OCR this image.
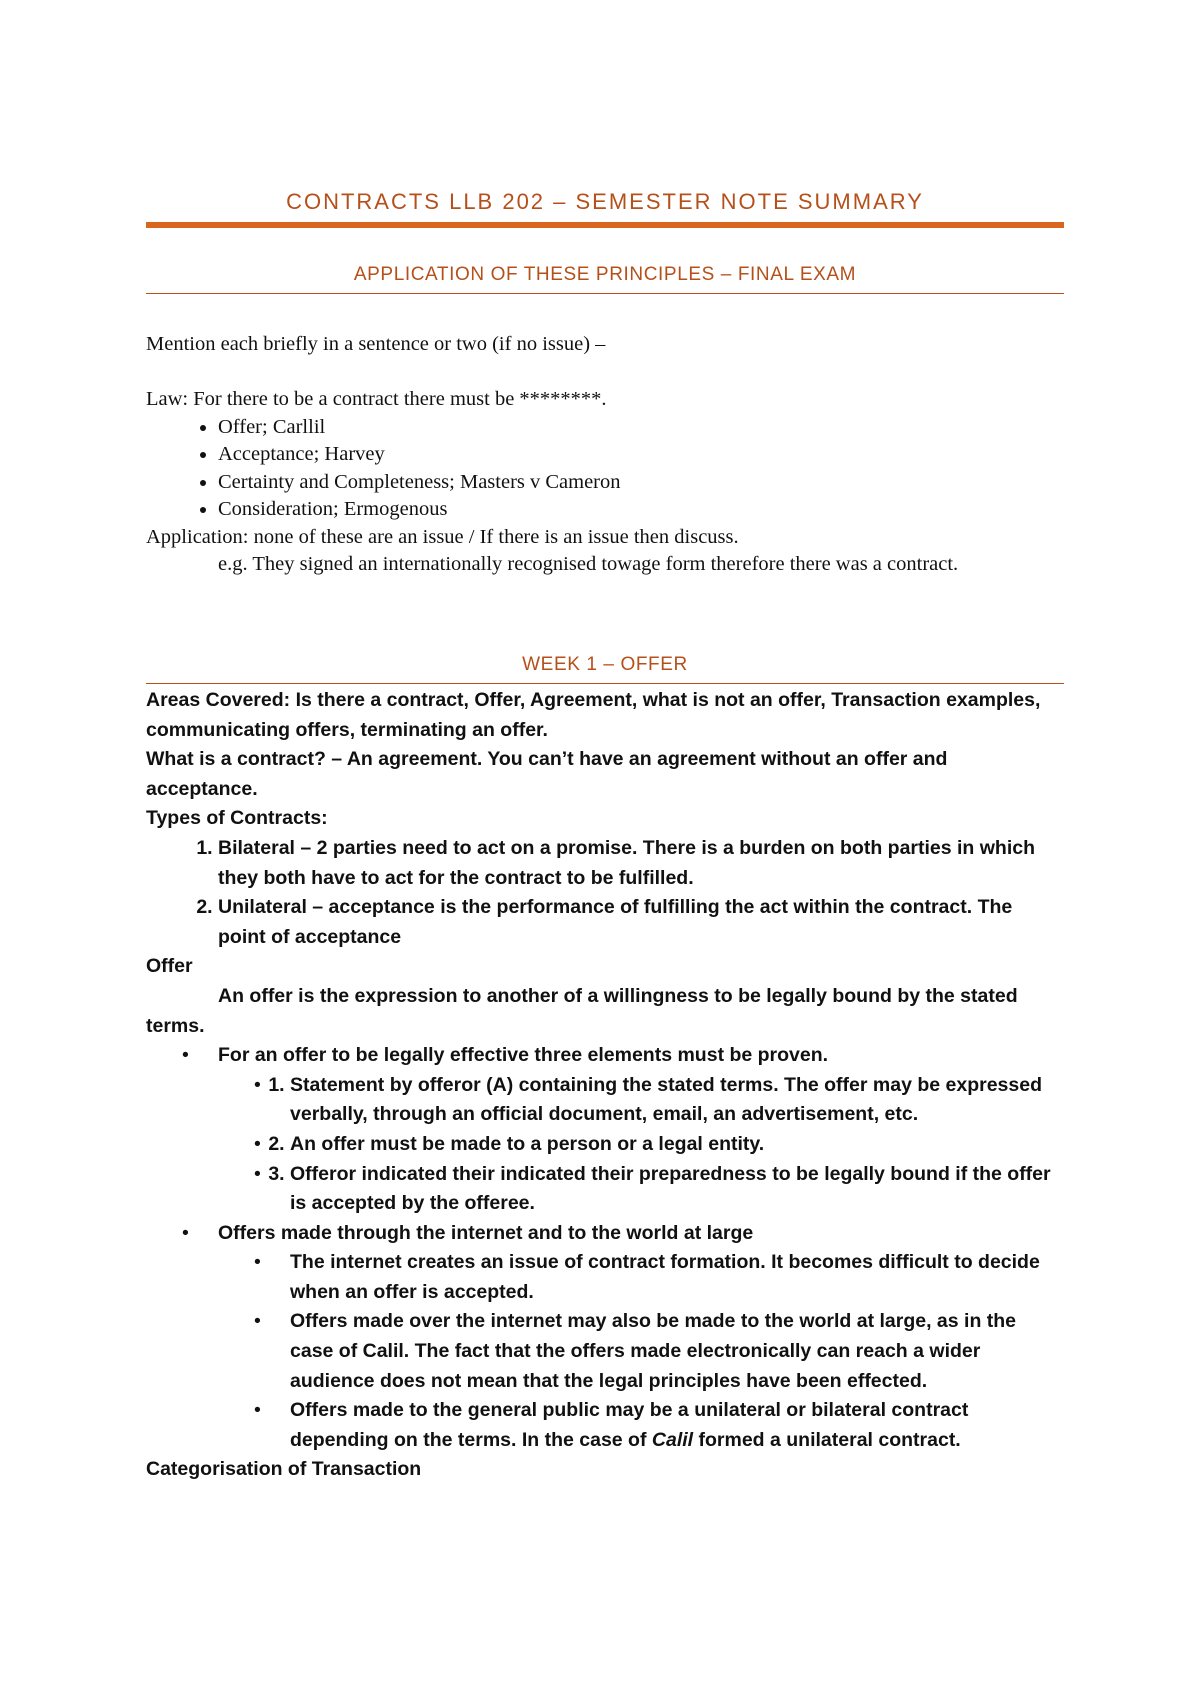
CONTRACTS LLB 202 – SEMESTER NOTE SUMMARY
APPLICATION OF THESE PRINCIPLES – FINAL EXAM

Mention each briefly in a sentence or two (if no issue) –

Law: For there to be a contract there must be ********.

• Offer; Carllil
• Acceptance; Harvey
• Certainty and Completeness; Masters v Cameron
• Consideration; Ermogenous

Application: none of these are an issue / If there is an issue then discuss.

e.g. They signed an internationally recognised towage form therefore there was a contract.

WEEK 1 – OFFER

Areas Covered: Is there a contract, Offer, Agreement, what is not an offer, Transaction examples, communicating offers, terminating an offer.

What is a contract? – An agreement. You can’t have an agreement without an offer and acceptance.

Types of Contracts:

1. Bilateral – 2 parties need to act on a promise. There is a burden on both parties in which they both have to act for the contract to be fulfilled.
2. Unilateral – acceptance is the performance of fulfilling the act within the contract. The point of acceptance

Offer

An offer is the expression to another of a willingness to be legally bound by the stated terms.

• For an offer to be legally effective three elements must be proven.
• 1. Statement by offeror (A) containing the stated terms. The offer may be expressed verbally, through an official document, email, an advertisement, etc.
• 2. An offer must be made to a person or a legal entity.
• 3. Offeror indicated their indicated their preparedness to be legally bound if the offer is accepted by the offeree.
• Offers made through the internet and to the world at large
• The internet creates an issue of contract formation. It becomes difficult to decide when an offer is accepted.
• Offers made over the internet may also be made to the world at large, as in the case of Calil. The fact that the offers made electronically can reach a wider audience does not mean that the legal principles have been effected.
• Offers made to the general public may be a unilateral or bilateral contract depending on the terms. In the case of Calil formed a unilateral contract.

Categorisation of Transaction
